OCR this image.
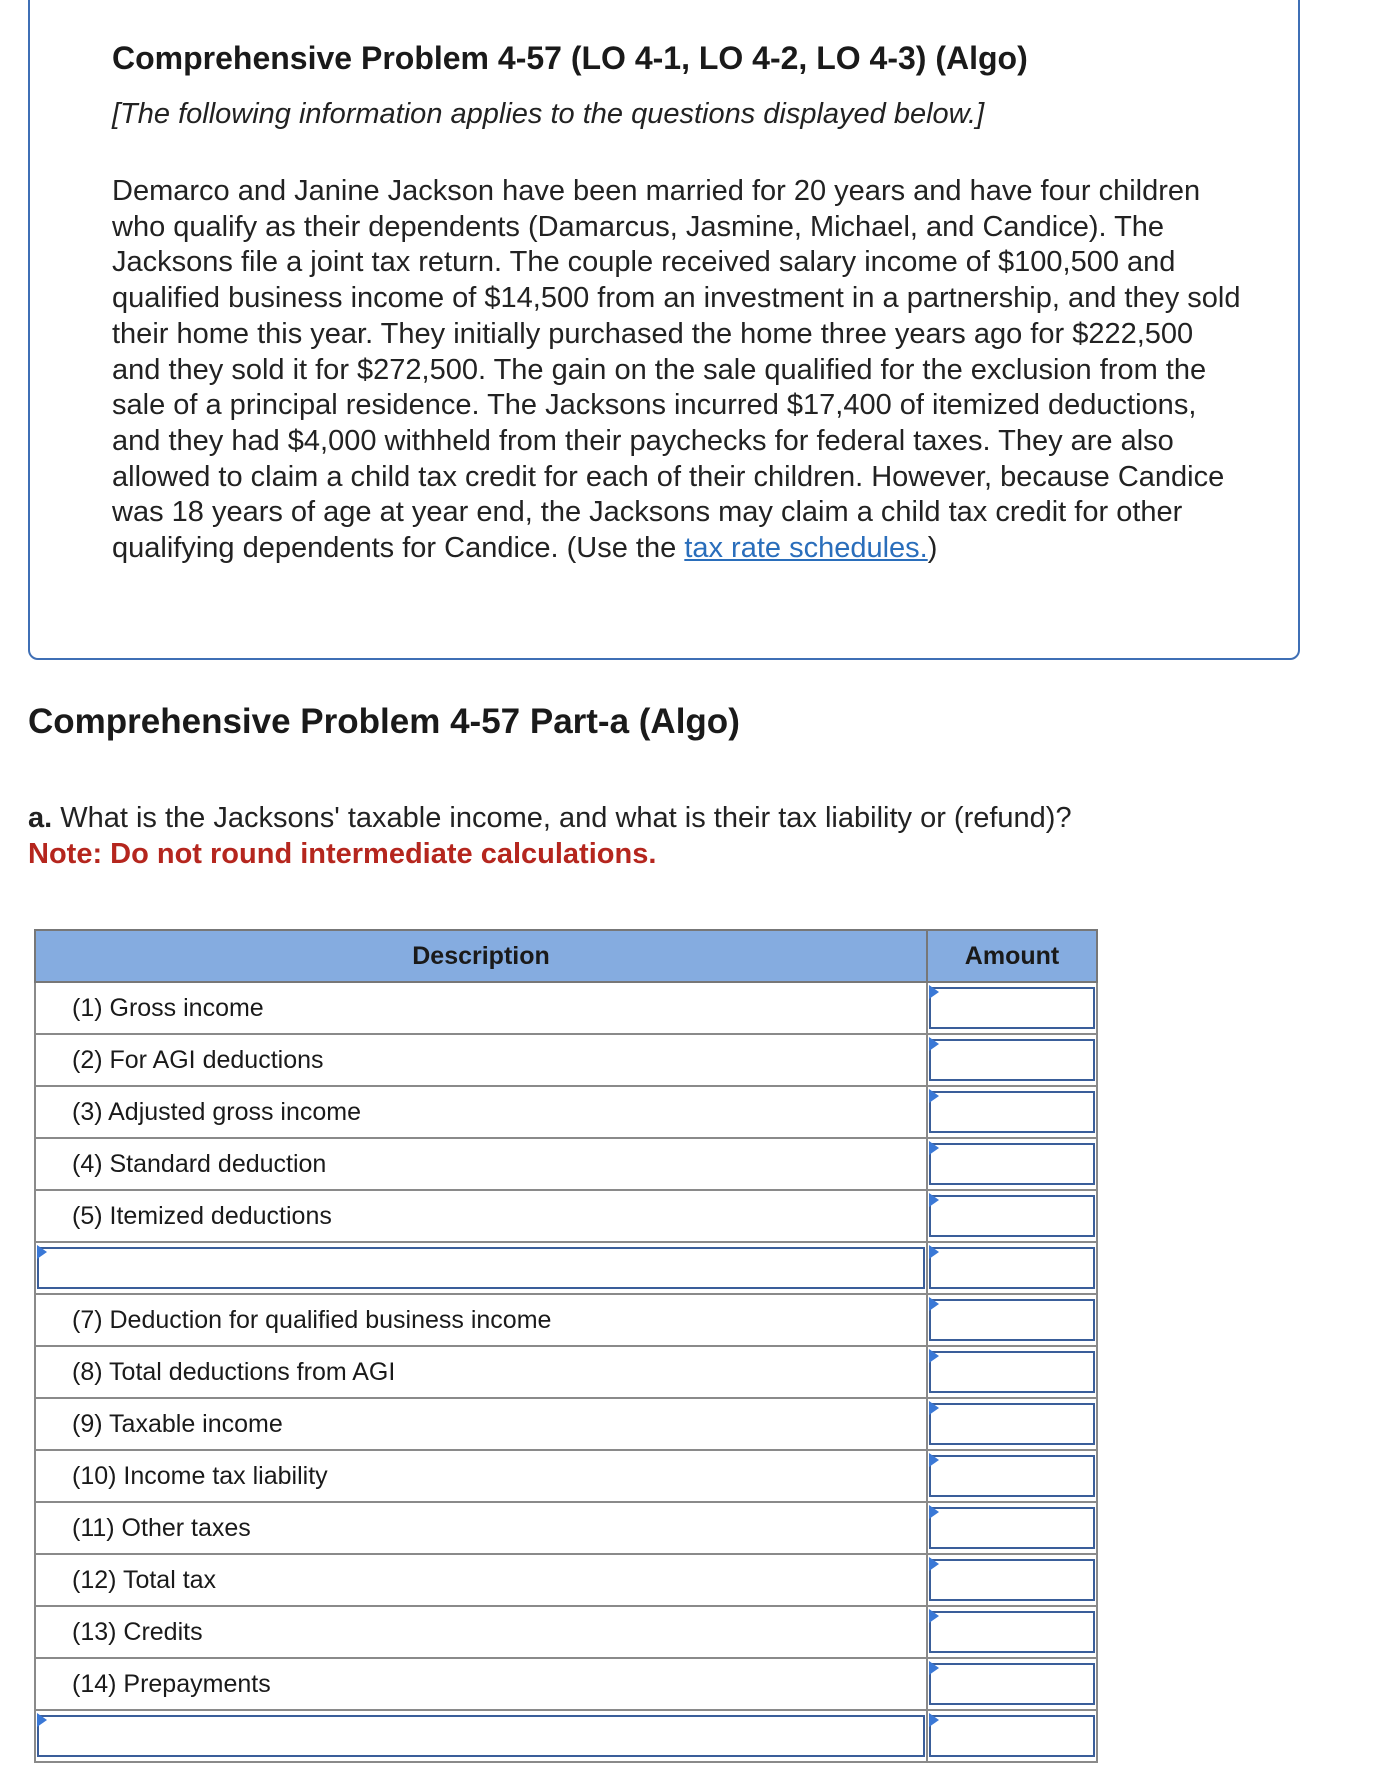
Comprehensive Problem 4-57 (LO 4-1, LO 4-2, LO 4-3) (Algo)

[The following information applies to the questions displayed below.]

Demarco and Janine Jackson have been married for 20 years and have four children who qualify as their dependents (Damarcus, Jasmine, Michael, and Candice). The Jacksons file a joint tax return. The couple received salary income of $100,500 and qualified business income of $14,500 from an investment in a partnership, and they sold their home this year. They initially purchased the home three years ago for $222,500 and they sold it for $272,500. The gain on the sale qualified for the exclusion from the sale of a principal residence. The Jacksons incurred $17,400 of itemized deductions, and they had $4,000 withheld from their paychecks for federal taxes. They are also allowed to claim a child tax credit for each of their children. However, because Candice was 18 years of age at year end, the Jacksons may claim a child tax credit for other qualifying dependents for Candice. (Use the tax rate schedules.)

Comprehensive Problem 4-57 Part-a (Algo)

a. What is the Jacksons' taxable income, and what is their tax liability or (refund)?

Note: Do not round intermediate calculations.

Description	Amount
(1) Gross income	

(2) For AGI deductions	

(3) Adjusted gross income	

(4) Standard deduction	

(5) Itemized deductions	

(7) Deduction for qualified business income	

(8) Total deductions from AGI	

(9) Taxable income	

(10) Income tax liability	

(11) Other taxes	

(12) Total tax	

(13) Credits	

(14) Prepayments	
